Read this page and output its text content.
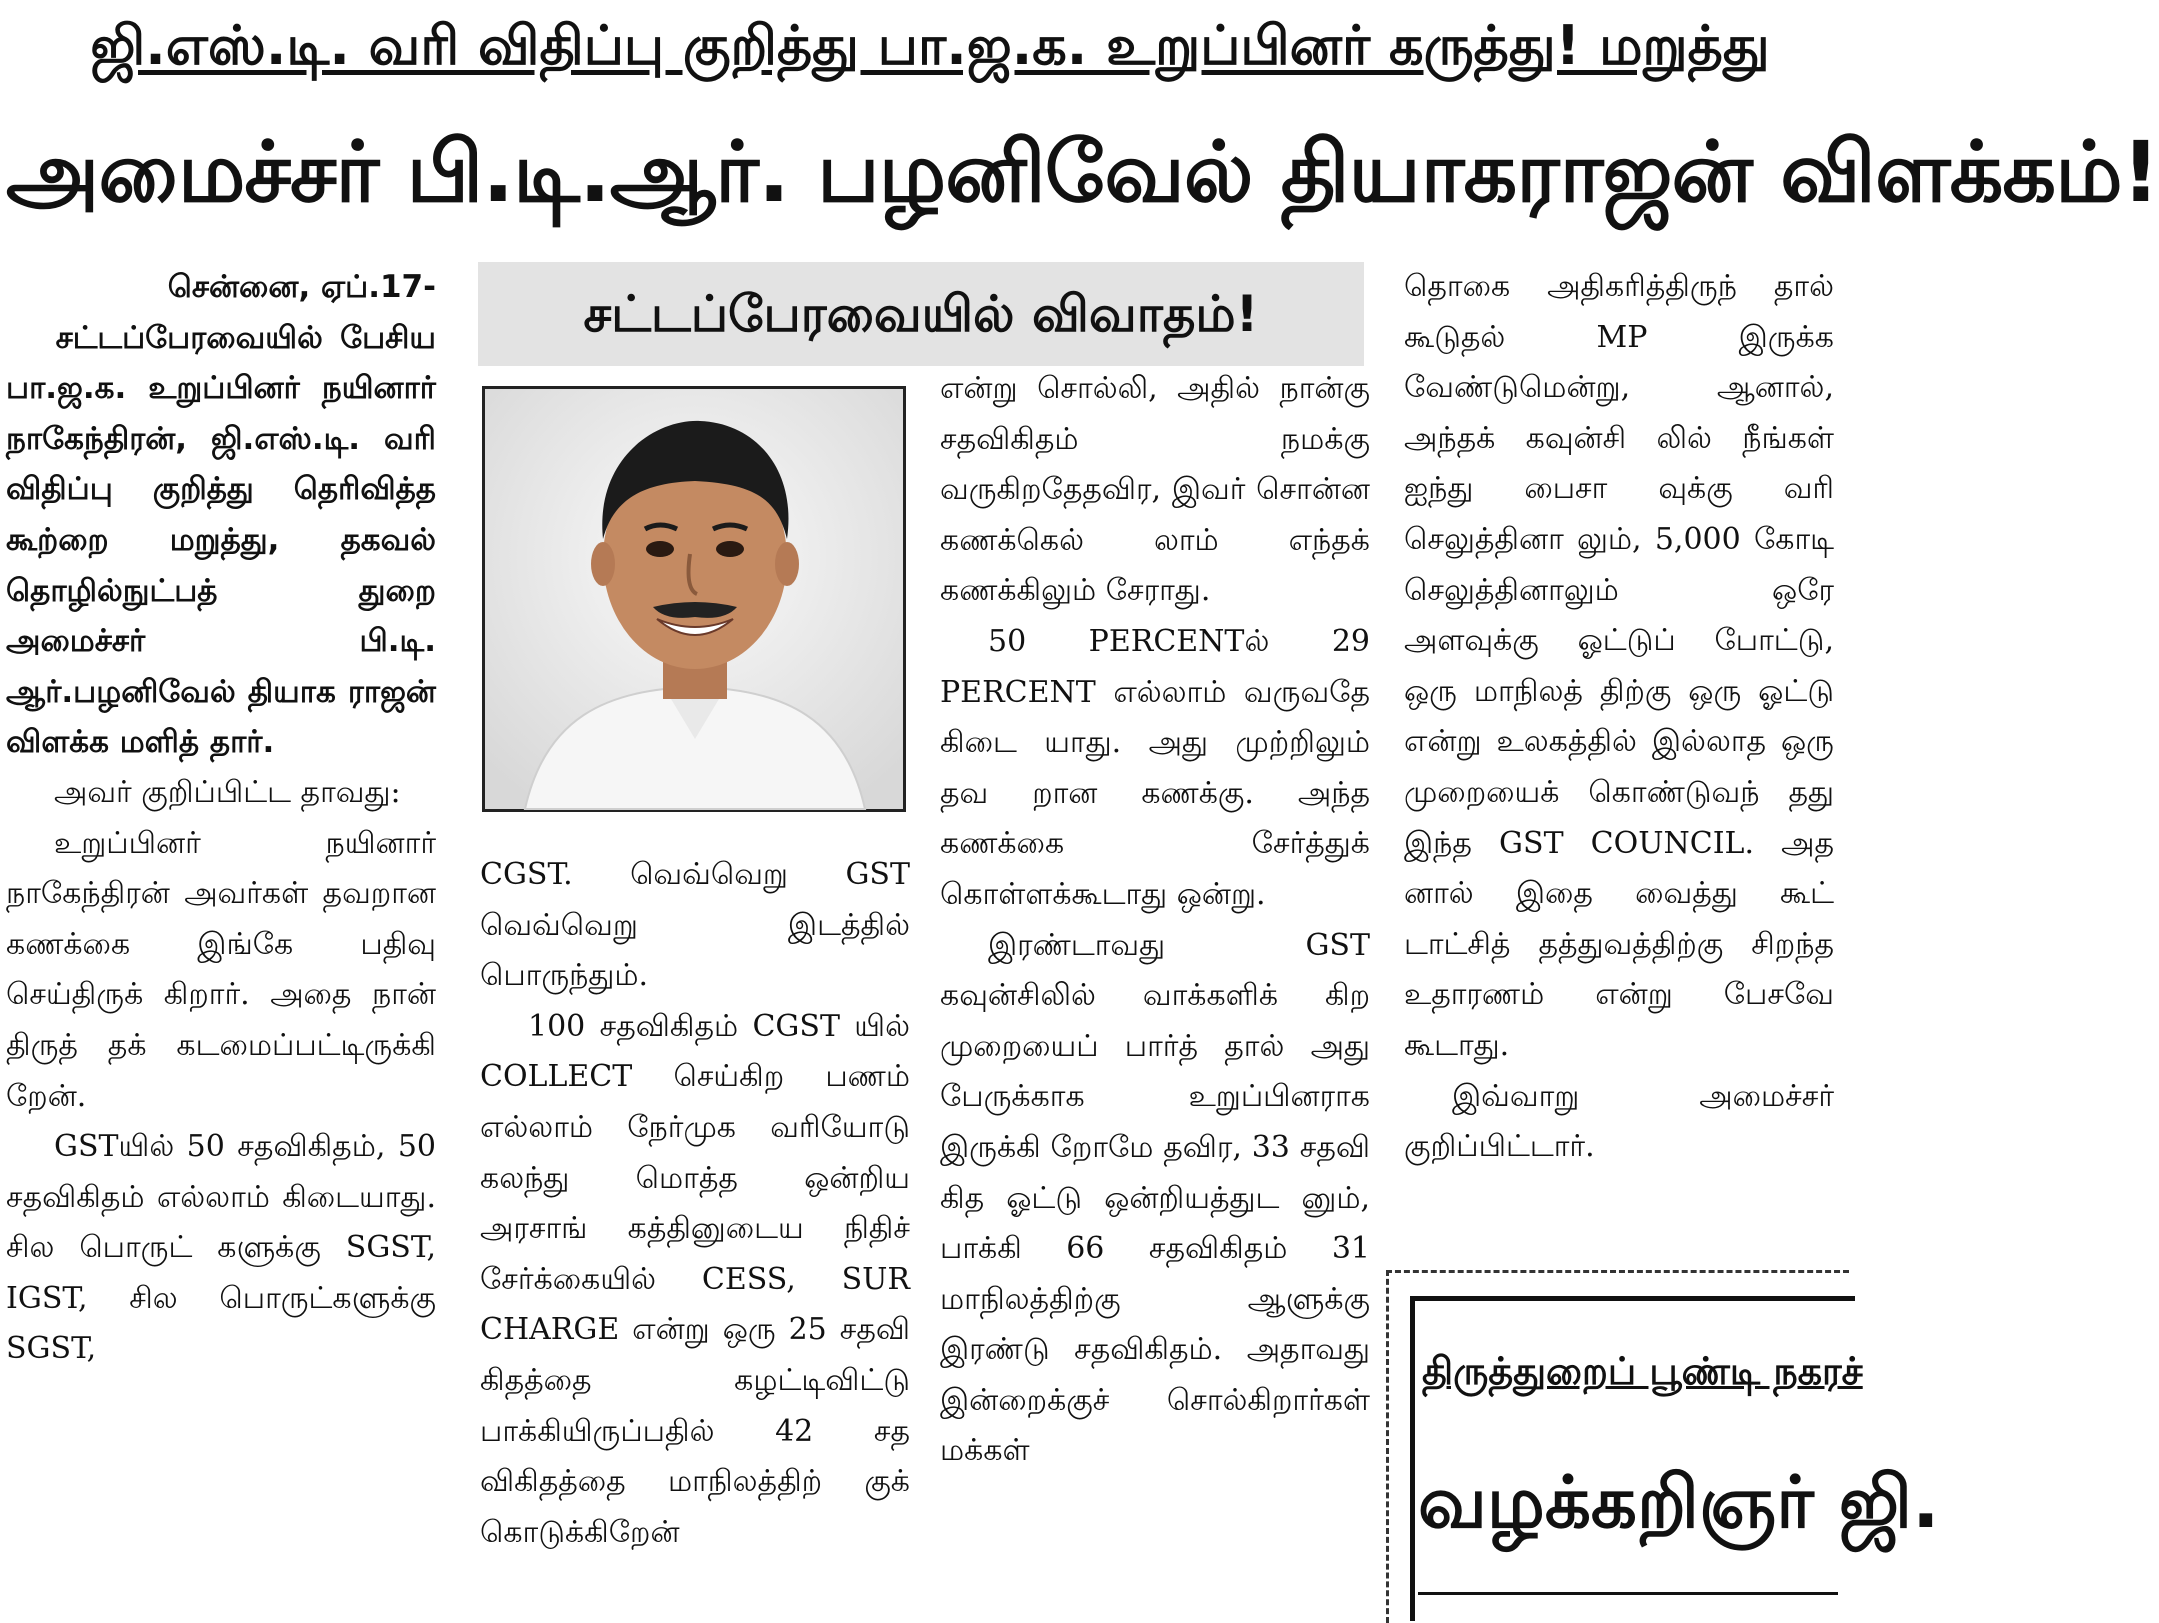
ஜி.எஸ்.டி. வரி விதிப்பு குறித்து பா.ஜ.க. உறுப்பினர் கருத்து! மறுத்து
அமைச்சர் பி.டி.ஆர். பழனிவேல் தியாகராஜன் விளக்கம்!
சட்டப்பேரவையில் விவாதம்!

சென்னை, ஏப்.17-

சட்டப்பேரவையில் பேசிய பா.ஜ.க. உறுப்பினர் நயினார் நாகேந்திரன், ஜி.எஸ்.டி. வரி விதிப்பு குறித்து தெரிவித்த கூற்றை மறுத்து, தகவல் தொழில்நுட்பத் துறை அமைச்சர் பி.டி. ஆர்.பழனிவேல் தியாக ராஜன் விளக்க மளித் தார்.

அவர் குறிப்பிட்ட தாவது:

உறுப்பினர் நயினார் நாகேந்திரன் அவர்கள் தவறான கணக்கை இங்கே பதிவு செய்திருக் கிறார். அதை நான் திருத் தக் கடமைப்பட்டிருக்கி றேன்.

GSTயில் 50 சதவிகிதம், 50 சதவிகிதம் எல்லாம் கிடையாது. சில பொருட் களுக்கு SGST, IGST, சில பொருட்களுக்கு SGST,

CGST. வெவ்வெறு GST வெவ்வெறு இடத்தில் பொருந்தும்.

100 சதவிகிதம் CGST யில் COLLECT செய்கிற பணம் எல்லாம் நேர்முக வரியோடு கலந்து மொத்த ஒன்றிய அரசாங் கத்தினுடைய நிதிச் சேர்க்கையில் CESS, SUR CHARGE என்று ஒரு 25 சதவி கிதத்தை கழட்டிவிட்டு பாக்கியிருப்பதில் 42 சத விகிதத்தை மாநிலத்திற் குக் கொடுக்கிறேன்

என்று சொல்லி, அதில் நான்கு சதவிகிதம் நமக்கு வருகிறதேதவிர, இவர் சொன்ன கணக்கெல் லாம் எந்தக் கணக்கிலும் சேராது.

50 PERCENTல் 29 PERCENT எல்லாம் வருவதே கிடை யாது. அது முற்றிலும் தவ றான கணக்கு. அந்த கணக்கை சேர்த்துக் கொள்ளக்கூடாது ஒன்று.

இரண்டாவது GST கவுன்சிலில் வாக்களிக் கிற முறையைப் பார்த் தால் அது பேருக்காக உறுப்பினராக இருக்கி றோமே தவிர, 33 சதவி கித ஓட்டு ஒன்றியத்துட னும், பாக்கி 66 சதவிகிதம் 31 மாநிலத்திற்கு ஆளுக்கு இரண்டு சதவிகிதம். அதாவது இன்றைக்குச் சொல்கிறார்கள் மக்கள்

தொகை அதிகரித்திருந் தால் கூடுதல் MP இருக்க வேண்டுமென்று, ஆனால், அந்தக் கவுன்சி லில் நீங்கள் ஐந்து பைசா வுக்கு வரி செலுத்தினா லும், 5,000 கோடி செலுத்தினாலும் ஒரே அளவுக்கு ஓட்டுப் போட்டு, ஒரு மாநிலத் திற்கு ஒரு ஓட்டு என்று உலகத்தில் இல்லாத ஒரு முறையைக் கொண்டுவந் தது இந்த GST COUNCIL. அத னால் இதை வைத்து கூட் டாட்சித் தத்துவத்திற்கு சிறந்த உதாரணம் என்று பேசவே கூடாது.

இவ்வாறு அமைச்சர் குறிப்பிட்டார்.

திருத்துறைப் பூண்டி நகரச்
வழக்கறிஞர் ஜி.
